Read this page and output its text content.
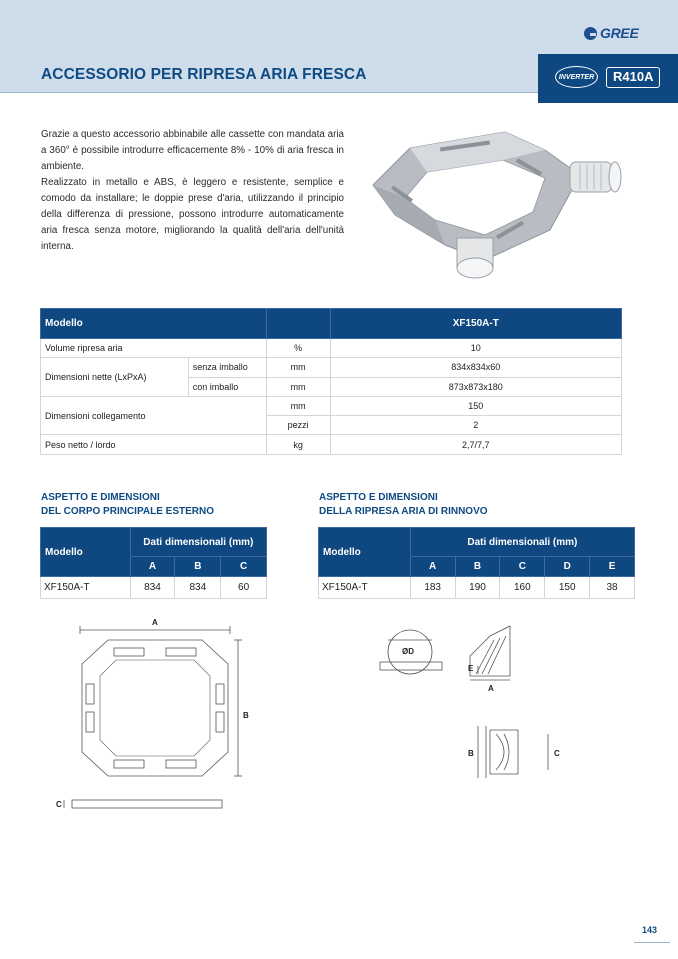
GREE
ACCESSORIO PER RIPRESA ARIA FRESCA	INVERTER	R410A

Grazie a questo accessorio abbinabile alle cassette con mandata aria a 360° è possibile introdurre efficacemente 8% - 10% di aria fresca in ambiente.

Realizzato in metallo e ABS, è leggero e resistente, semplice e comodo da installare; le doppie prese d'aria, utilizzando il principio della differenza di pressione, possono introdurre automaticamente aria fresca senza motore, migliorando la qualità dell'aria dell'unità interna.

Modello			XF150A-T
Volume ripresa aria		%	10
Dimensioni nette (LxPxA)	senza imballo	mm	834x834x60
	con imballo	mm	873x873x180
Dimensioni collegamento		mm	150
		pezzi	2
Peso netto / lordo		kg	2,7/7,7
ASPETTO E DIMENSIONI
DEL CORPO PRINCIPALE ESTERNO
ASPETTO E DIMENSIONI
DELLA RIPRESA ARIA DI RINNOVO
Modello	Dati dimensionali (mm)		
	A	B	C
XF150A-T	834	834	60
Modello	Dati dimensionali (mm)				
	A	B	C	D	E
XF150A-T	183	190	160	150	38
A
B
C
ØD
E
A
B	C
143
